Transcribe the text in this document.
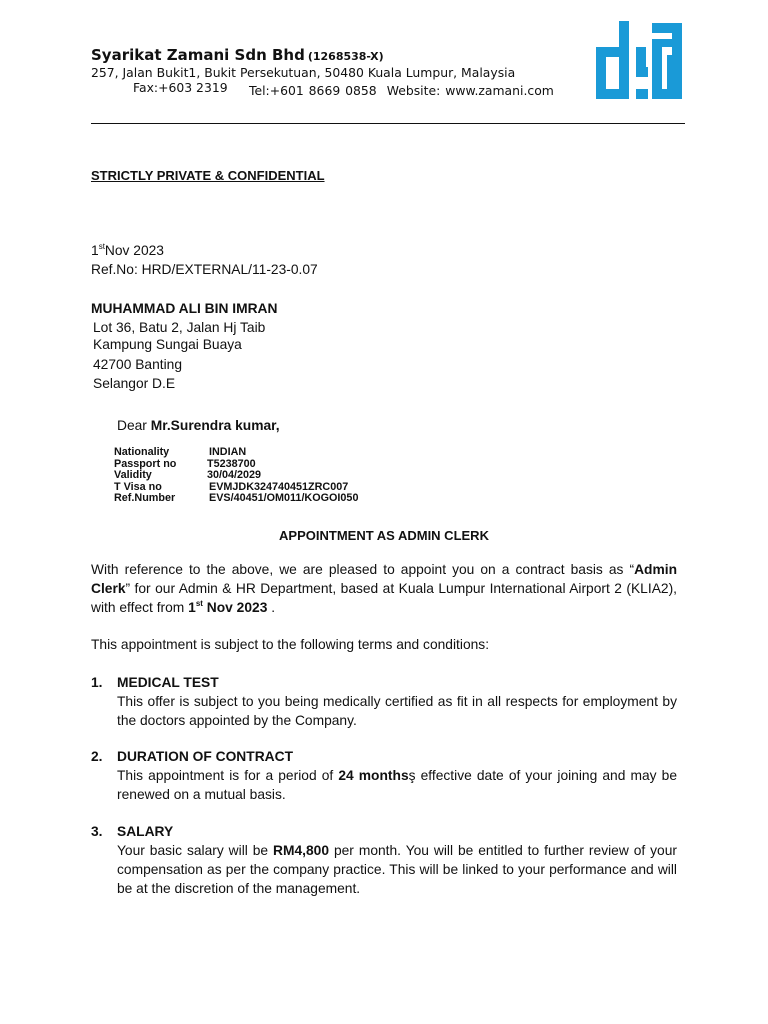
Syarikat Zamani Sdn Bhd (1268538-X)
257, Jalan Bukit1, Bukit Persekutuan, 50480 Kuala Lumpur, Malaysia
Fax:+603 2319 Tel:+601 8669 0858 Website: www.zamani.com
STRICTLY PRIVATE & CONFIDENTIAL
1stNov 2023
Ref.No: HRD/EXTERNAL/11-23-0.07
MUHAMMAD ALI BIN IMRAN
Lot 36, Batu 2, Jalan Hj Taib
Kampung Sungai Buaya
42700 Banting
Selangor D.E
Dear Mr.Surendra kumar,
Nationality	INDIAN
Passport no	T5238700
Validity	30/04/2029
T Visa no	EVMJDK324740451ZRC007
Ref.Number	EVS/40451/OM011/KOGOI050
APPOINTMENT AS ADMIN CLERK
With reference to the above, we are pleased to appoint you on a contract basis as “Admin Clerk” for our Admin & HR Department, based at Kuala Lumpur International Airport 2 (KLIA2), with effect from 1st Nov 2023 .
This appointment is subject to the following terms and conditions:
1. MEDICAL TEST
This offer is subject to you being medically certified as fit in all respects for employment by the doctors appointed by the Company.
2. DURATION OF CONTRACT
This appointment is for a period of 24 monthsş effective date of your joining and may be renewed on a mutual basis.
3. SALARY
Your basic salary will be RM4,800 per month. You will be entitled to further review of your compensation as per the company practice. This will be linked to your performance and will be at the discretion of the management.
